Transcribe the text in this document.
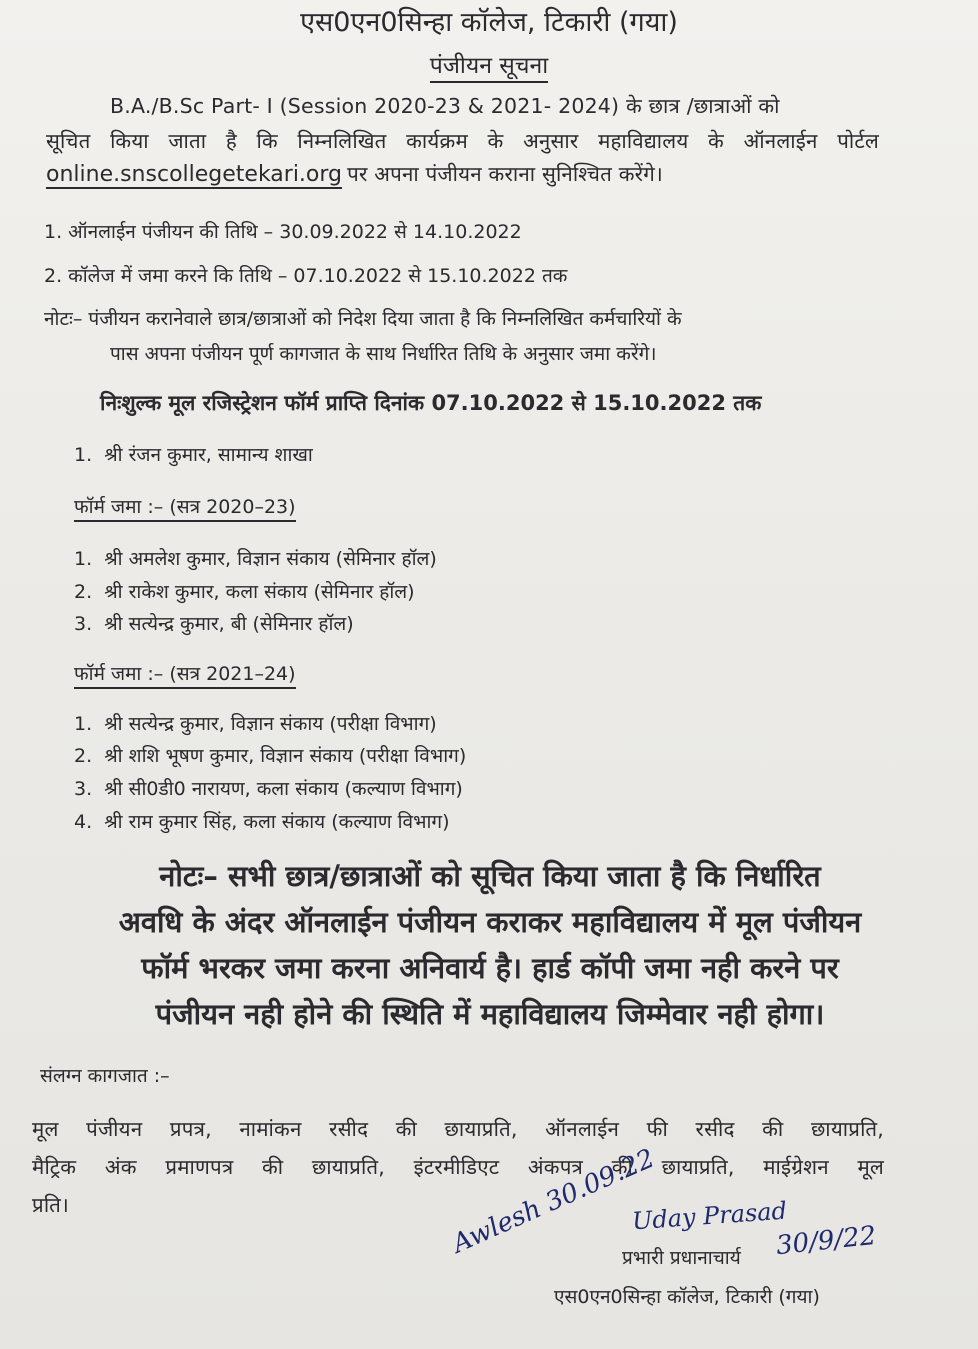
एस0एन0सिन्हा कॉलेज, टिकारी (गया)
पंजीयन सूचना
B.A./B.Sc Part- I (Session 2020-23 & 2021- 2024) के छात्र /छात्राओं को
सूचित किया जाता है कि निम्नलिखित कार्यक्रम के अनुसार महाविद्यालय के ऑनलाईन पोर्टल
online.snscollegetekari.org पर अपना पंजीयन कराना सुनिश्चित करेंगे।
1. ऑनलाईन पंजीयन की तिथि – 30.09.2022 से 14.10.2022
2. कॉलेज में जमा करने कि तिथि – 07.10.2022 से 15.10.2022 तक
नोटः– पंजीयन करानेवाले छात्र/छात्राओं को निदेश दिया जाता है कि निम्नलिखित कर्मचारियों के
पास अपना पंजीयन पूर्ण कागजात के साथ निर्धारित तिथि के अनुसार जमा करेंगे।
निःशुल्क मूल रजिस्ट्रेशन फॉर्म प्राप्ति दिनांक 07.10.2022 से 15.10.2022 तक
1. श्री रंजन कुमार, सामान्य शाखा
फॉर्म जमा :– (सत्र 2020–23)
1. श्री अमलेश कुमार, विज्ञान संकाय (सेमिनार हॉल)
2. श्री राकेश कुमार, कला संकाय (सेमिनार हॉल)
3. श्री सत्येन्द्र कुमार, बी (सेमिनार हॉल)
फॉर्म जमा :– (सत्र 2021–24)
1. श्री सत्येन्द्र कुमार, विज्ञान संकाय (परीक्षा विभाग)
2. श्री शशि भूषण कुमार, विज्ञान संकाय (परीक्षा विभाग)
3. श्री सी0डी0 नारायण, कला संकाय (कल्याण विभाग)
4. श्री राम कुमार सिंह, कला संकाय (कल्याण विभाग)
नोटः– सभी छात्र/छात्राओं को सूचित किया जाता है कि निर्धारित
अवधि के अंदर ऑनलाईन पंजीयन कराकर महाविद्यालय में मूल पंजीयन
फॉर्म भरकर जमा करना अनिवार्य है। हार्ड कॉपी जमा नही करने पर
पंजीयन नही होने की स्थिति में महाविद्यालय जिम्मेवार नही होगा।
संलग्न कागजात :–
मूल पंजीयन प्रपत्र, नामांकन रसीद की छायाप्रति, ऑनलाईन फी रसीद की छायाप्रति,
मैट्रिक अंक प्रमाणपत्र की छायाप्रति, इंटरमीडिएट अंकपत्र की छायाप्रति, माईग्रेशन मूल
प्रति।	Awlesh 30.09.22
Uday Prasad
प्रभारी प्रधानाचार्य 30/9/22
एस0एन0सिन्हा कॉलेज, टिकारी (गया)
